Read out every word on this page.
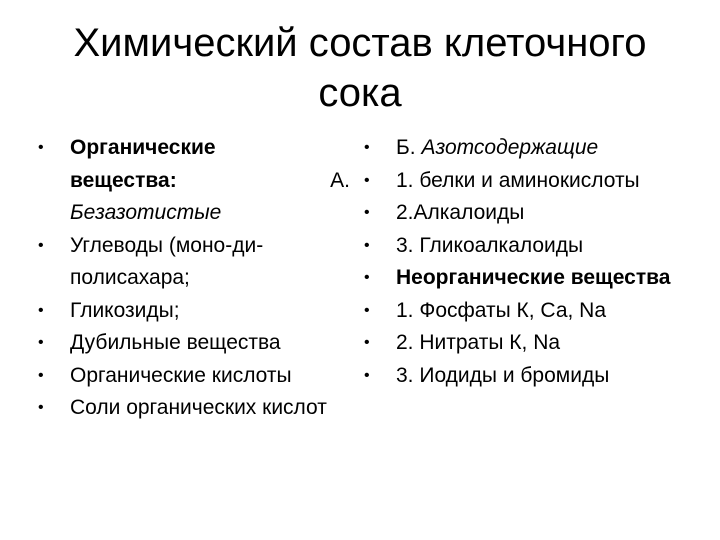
Химический состав клеточного
сока
• Органические
вещества:	А.
Безазотистые
• Углеводы (моно-ди-полисахара;
• Гликозиды;
• Дубильные вещества
• Органические кислоты
• Соли органических кислот
• Б. Азотсодержащие
• 1. белки и аминокислоты
• 2.Алкалоиды
• 3. Гликоалкалоиды
• Неорганические вещества
• 1. Фосфаты К, Са, Na
• 2. Нитраты К, Na
• 3. Иодиды и бромиды
